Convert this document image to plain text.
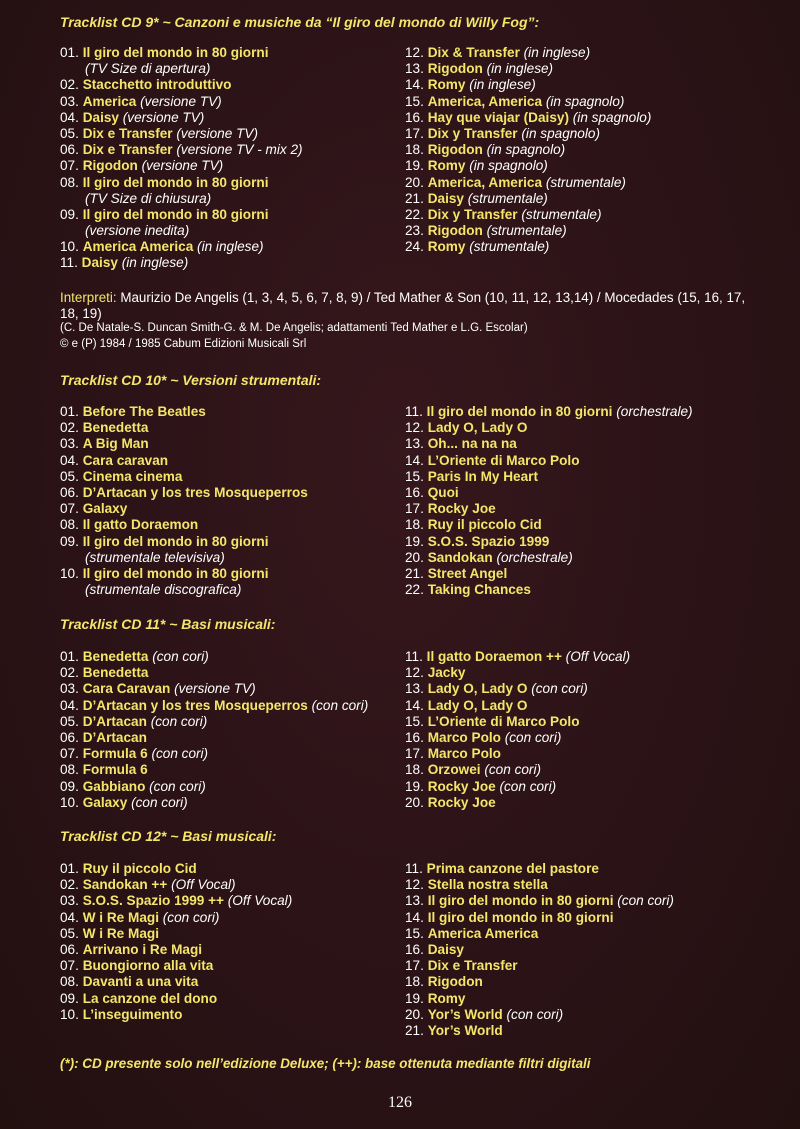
Tracklist CD 9* ~ Canzoni e musiche da “Il giro del mondo di Willy Fog”:
01. Il giro del mondo in 80 giorni
(TV Size di apertura)
02. Stacchetto introduttivo
03. America (versione TV)
04. Daisy (versione TV)
05. Dix e Transfer (versione TV)
06. Dix e Transfer (versione TV - mix 2)
07. Rigodon (versione TV)
08. Il giro del mondo in 80 giorni
(TV Size di chiusura)
09. Il giro del mondo in 80 giorni
(versione inedita)
10. America America (in inglese)
11. Daisy (in inglese)
12. Dix & Transfer (in inglese)
13. Rigodon (in inglese)
14. Romy (in inglese)
15. America, America (in spagnolo)
16. Hay que viajar (Daisy) (in spagnolo)
17. Dix y Transfer (in spagnolo)
18. Rigodon (in spagnolo)
19. Romy (in spagnolo)
20. America, America (strumentale)
21. Daisy (strumentale)
22. Dix y Transfer (strumentale)
23. Rigodon (strumentale)
24. Romy (strumentale)
Interpreti: Maurizio De Angelis (1, 3, 4, 5, 6, 7, 8, 9) / Ted Mather & Son (10, 11, 12, 13,14) / Mocedades (15, 16, 17, 18, 19)
(C. De Natale-S. Duncan Smith-G. & M. De Angelis; adattamenti Ted Mather e L.G. Escolar)
© e (P) 1984 / 1985 Cabum Edizioni Musicali Srl
Tracklist CD 10* ~ Versioni strumentali:
01. Before The Beatles
02. Benedetta
03. A Big Man
04. Cara caravan
05. Cinema cinema
06. D’Artacan y los tres Mosqueperros
07. Galaxy
08. Il gatto Doraemon
09. Il giro del mondo in 80 giorni
(strumentale televisiva)
10. Il giro del mondo in 80 giorni
(strumentale discografica)
11. Il giro del mondo in 80 giorni (orchestrale)
12. Lady O, Lady O
13. Oh... na na na
14. L’Oriente di Marco Polo
15. Paris In My Heart
16. Quoi
17. Rocky Joe
18. Ruy il piccolo Cid
19. S.O.S. Spazio 1999
20. Sandokan (orchestrale)
21. Street Angel
22. Taking Chances
Tracklist CD 11* ~ Basi musicali:
01. Benedetta (con cori)
02. Benedetta
03. Cara Caravan (versione TV)
04. D’Artacan y los tres Mosqueperros (con cori)
05. D’Artacan (con cori)
06. D’Artacan
07. Formula 6 (con cori)
08. Formula 6
09. Gabbiano (con cori)
10. Galaxy (con cori)
11. Il gatto Doraemon ++ (Off Vocal)
12. Jacky
13. Lady O, Lady O (con cori)
14. Lady O, Lady O
15. L’Oriente di Marco Polo
16. Marco Polo (con cori)
17. Marco Polo
18. Orzowei (con cori)
19. Rocky Joe (con cori)
20. Rocky Joe
Tracklist CD 12* ~ Basi musicali:
01. Ruy il piccolo Cid
02. Sandokan ++ (Off Vocal)
03. S.O.S. Spazio 1999 ++ (Off Vocal)
04. W i Re Magi (con cori)
05. W i Re Magi
06. Arrivano i Re Magi
07. Buongiorno alla vita
08. Davanti a una vita
09. La canzone del dono
10. L’inseguimento
11. Prima canzone del pastore
12. Stella nostra stella
13. Il giro del mondo in 80 giorni (con cori)
14. Il giro del mondo in 80 giorni
15. America America
16. Daisy
17. Dix e Transfer
18. Rigodon
19. Romy
20. Yor’s World (con cori)
21. Yor’s World
(*): CD presente solo nell’edizione Deluxe; (++): base ottenuta mediante filtri digitali
126
